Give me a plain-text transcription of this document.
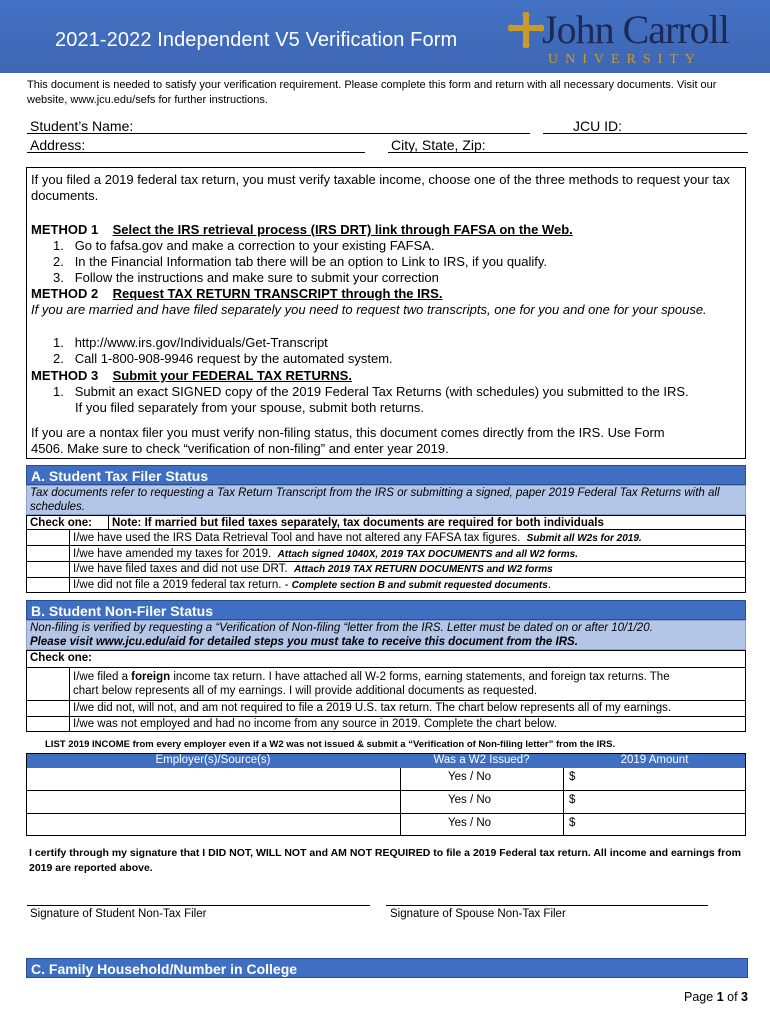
2021-2022 Independent V5 Verification Form John Carroll
UNIVERSITY
This document is needed to satisfy your verification requirement. Please complete this form and return with all necessary documents. Visit our website, www.jcu.edu/sefs for further instructions.
Student’s Name:	JCU ID:
Address:	City, State, Zip:
If you filed a 2019 federal tax return, you must verify taxable income, choose one of the three methods to request your tax documents.
METHOD 1 Select the IRS retrieval process (IRS DRT) link through FAFSA on the Web.
1.   Go to fafsa.gov and make a correction to your existing FAFSA.
2.   In the Financial Information tab there will be an option to Link to IRS, if you qualify.
3.   Follow the instructions and make sure to submit your correction
METHOD 2 Request TAX RETURN TRANSCRIPT through the IRS.
If you are married and have filed separately you need to request two transcripts, one for you and one for your spouse.
1.   http://www.irs.gov/Individuals/Get-Transcript
2.   Call 1-800-908-9946 request by the automated system.
METHOD 3 Submit your FEDERAL TAX RETURNS.
1.   Submit an exact SIGNED copy of the 2019 Federal Tax Returns (with schedules) you submitted to the IRS.
If you filed separately from your spouse, submit both returns.
If you are a nontax filer you must verify non-filing status, this document comes directly from the IRS. Use Form
4506. Make sure to check “verification of non-filing” and enter year 2019.
A. Student Tax Filer Status
Tax documents refer to requesting a Tax Return Transcript from the IRS or submitting a signed, paper 2019 Federal Tax Returns with all schedules.
Check one: Note: If married but filed taxes separately, tax documents are required for both individuals
I/we have used the IRS Data Retrieval Tool and have not altered any FAFSA tax figures. Submit all W2s for 2019.
I/we have amended my taxes for 2019. Attach signed 1040X, 2019 TAX DOCUMENTS and all W2 forms.
I/we have filed taxes and did not use DRT. Attach 2019 TAX RETURN DOCUMENTS and W2 forms
I/we did not file a 2019 federal tax return. - Complete section B and submit requested documents.
B. Student Non-Filer Status
Non-filing is verified by requesting a “Verification of Non-filing “letter from the IRS. Letter must be dated on or after 10/1/20.
Please visit www.jcu.edu/aid for detailed steps you must take to receive this document from the IRS.
Check one:
I/we filed a foreign income tax return. I have attached all W-2 forms, earning statements, and foreign tax returns. The
chart below represents all of my earnings. I will provide additional documents as requested.
I/we did not, will not, and am not required to file a 2019 U.S. tax return. The chart below represents all of my earnings.
I/we was not employed and had no income from any source in 2019. Complete the chart below.
LIST 2019 INCOME from every employer even if a W2 was not issued & submit a “Verification of Non-filing letter” from the IRS.
Employer(s)/Source(s)	Was a W2 Issued?	2019 Amount
Yes / No	$
Yes / No	$
Yes / No	$
I certify through my signature that I DID NOT, WILL NOT and AM NOT REQUIRED to file a 2019 Federal tax return. All income and earnings from 2019 are reported above.
Signature of Student Non-Tax Filer	Signature of Spouse Non-Tax Filer
C. Family Household/Number in College
Page 1 of 3
